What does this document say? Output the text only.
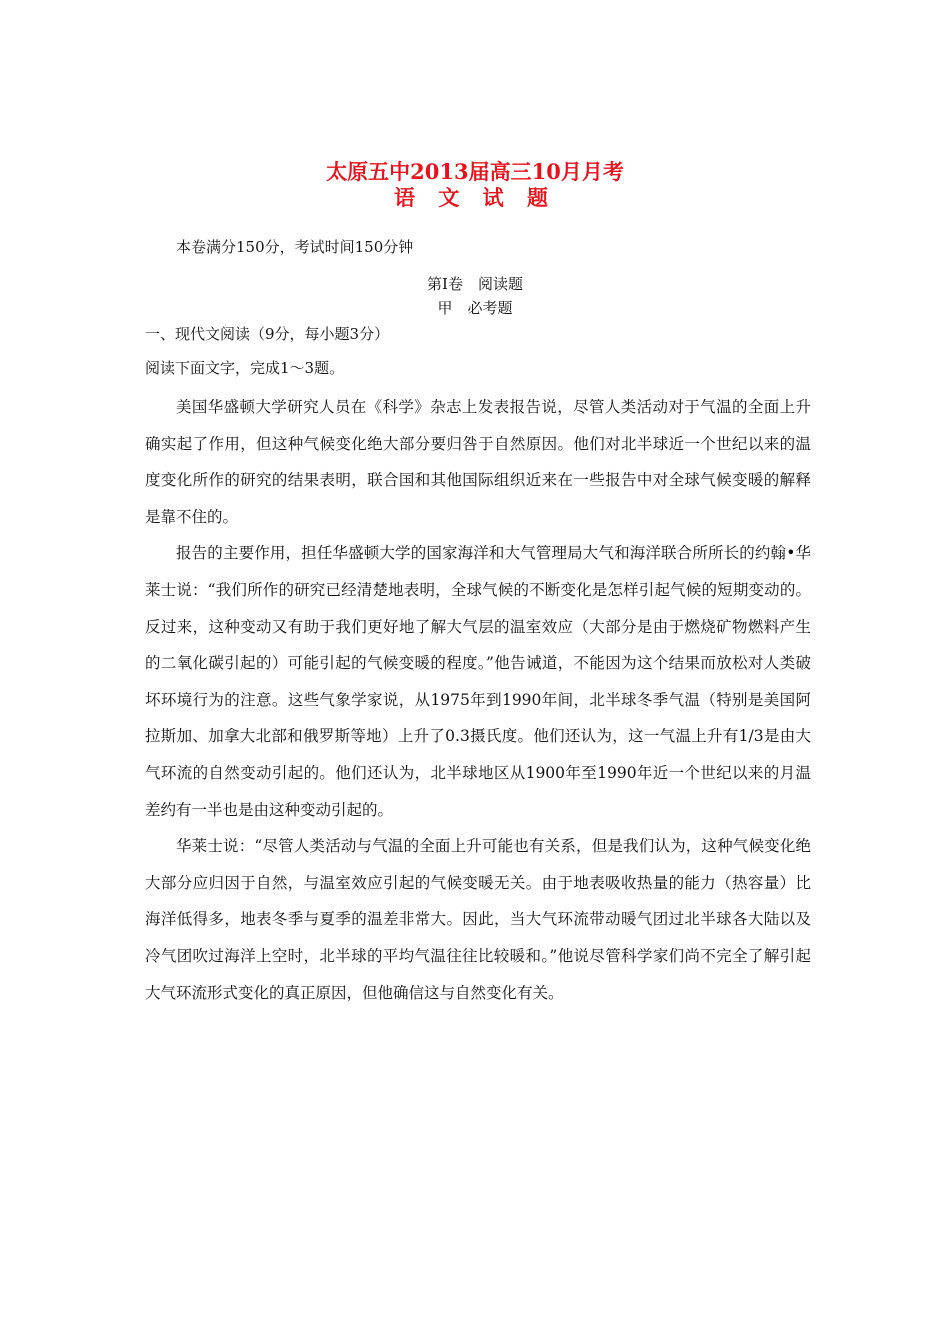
太原五中2013届高三10月月考
语 文 试 题

本卷满分150分，考试时间150分钟

第Ⅰ卷　阅读题

甲　必考题

一、现代文阅读（9分，每小题3分）

阅读下面文字，完成1～3题。

美国华盛顿大学研究人员在《科学》杂志上发表报告说，尽管人类活动对于气温的全面上升确实起了作用，但这种气候变化绝大部分要归咎于自然原因。他们对北半球近一个世纪以来的温度变化所作的研究的结果表明，联合国和其他国际组织近来在一些报告中对全球气候变暖的解释是靠不住的。

报告的主要作用，担任华盛顿大学的国家海洋和大气管理局大气和海洋联合所所长的约翰•华莱士说：“我们所作的研究已经清楚地表明，全球气候的不断变化是怎样引起气候的短期变动的。反过来，这种变动又有助于我们更好地了解大气层的温室效应（大部分是由于燃烧矿物燃料产生的二氧化碳引起的）可能引起的气候变暖的程度。”他告诫道，不能因为这个结果而放松对人类破坏环境行为的注意。这些气象学家说，从1975年到1990年间，北半球冬季气温（特别是美国阿拉斯加、加拿大北部和俄罗斯等地）上升了0.3摄氏度。他们还认为，这一气温上升有1/3是由大气环流的自然变动引起的。他们还认为，北半球地区从1900年至1990年近一个世纪以来的月温差约有一半也是由这种变动引起的。

华莱士说：“尽管人类活动与气温的全面上升可能也有关系，但是我们认为，这种气候变化绝大部分应归因于自然，与温室效应引起的气候变暖无关。由于地表吸收热量的能力（热容量）比海洋低得多，地表冬季与夏季的温差非常大。因此，当大气环流带动暖气团过北半球各大陆以及冷气团吹过海洋上空时，北半球的平均气温往往比较暖和。”他说尽管科学家们尚不完全了解引起大气环流形式变化的真正原因，但他确信这与自然变化有关。
